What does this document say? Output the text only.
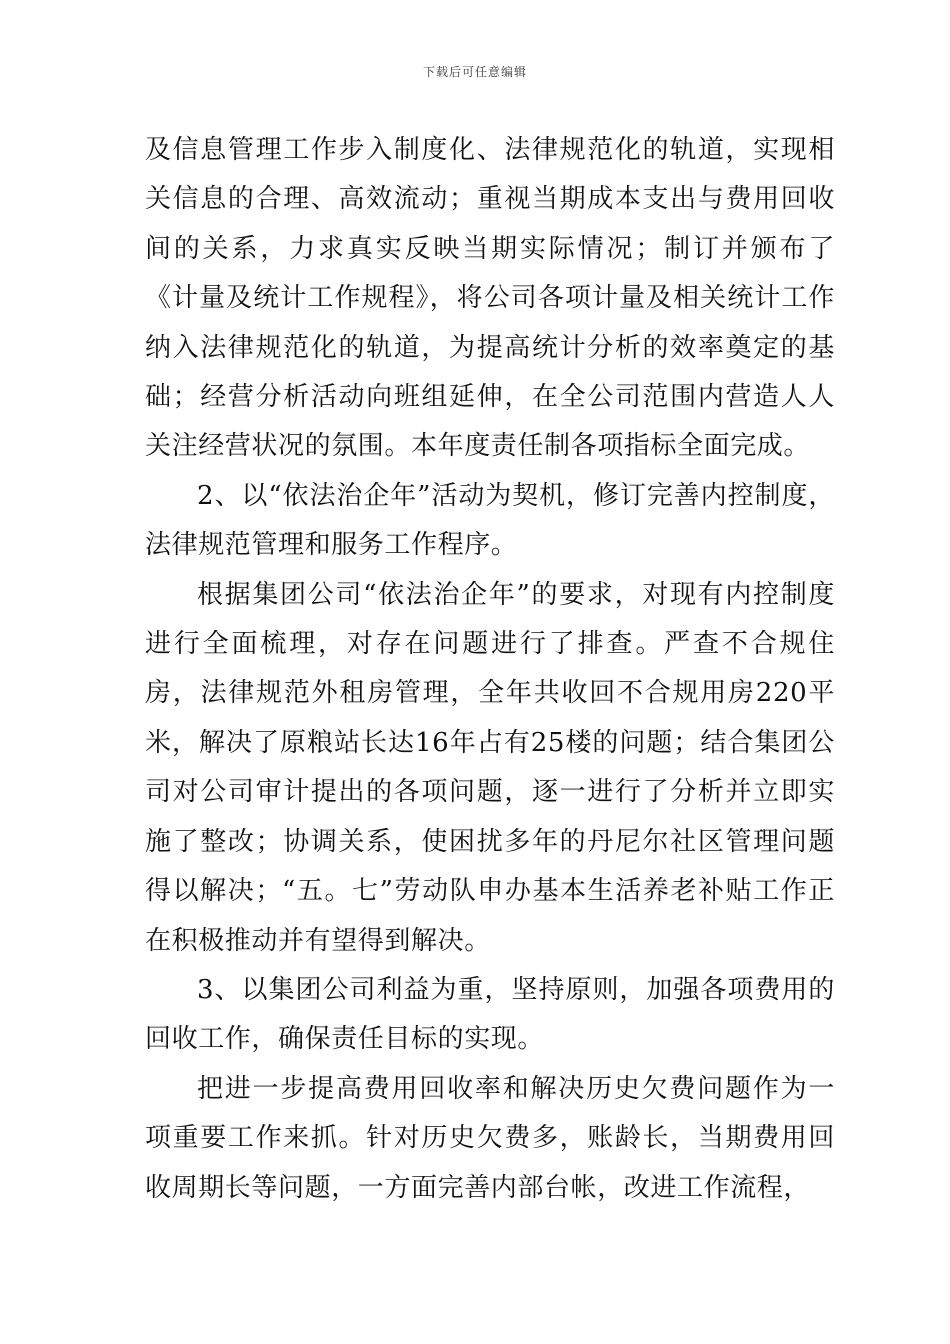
下载后可任意编辑

及信息管理工作步入制度化、法律规范化的轨道，实现相关信息的合理、高效流动；重视当期成本支出与费用回收间的关系，力求真实反映当期实际情况；制订并颁布了《计量及统计工作规程》，将公司各项计量及相关统计工作纳入法律规范化的轨道，为提高统计分析的效率奠定的基础；经营分析活动向班组延伸，在全公司范围内营造人人关注经营状况的氛围。本年度责任制各项指标全面完成。

2、以“依法治企年”活动为契机，修订完善内控制度，法律规范管理和服务工作程序。

根据集团公司“依法治企年”的要求，对现有内控制度进行全面梳理，对存在问题进行了排查。严查不合规住房，法律规范外租房管理，全年共收回不合规用房220平米，解决了原粮站长达16年占有25楼的问题；结合集团公司对公司审计提出的各项问题，逐一进行了分析并立即实施了整改；协调关系，使困扰多年的丹尼尔社区管理问题得以解决；“五。七”劳动队申办基本生活养老补贴工作正在积极推动并有望得到解决。

3、以集团公司利益为重，坚持原则，加强各项费用的回收工作，确保责任目标的实现。

把进一步提高费用回收率和解决历史欠费问题作为一项重要工作来抓。针对历史欠费多，账龄长，当期费用回收周期长等问题，一方面完善内部台帐，改进工作流程，
